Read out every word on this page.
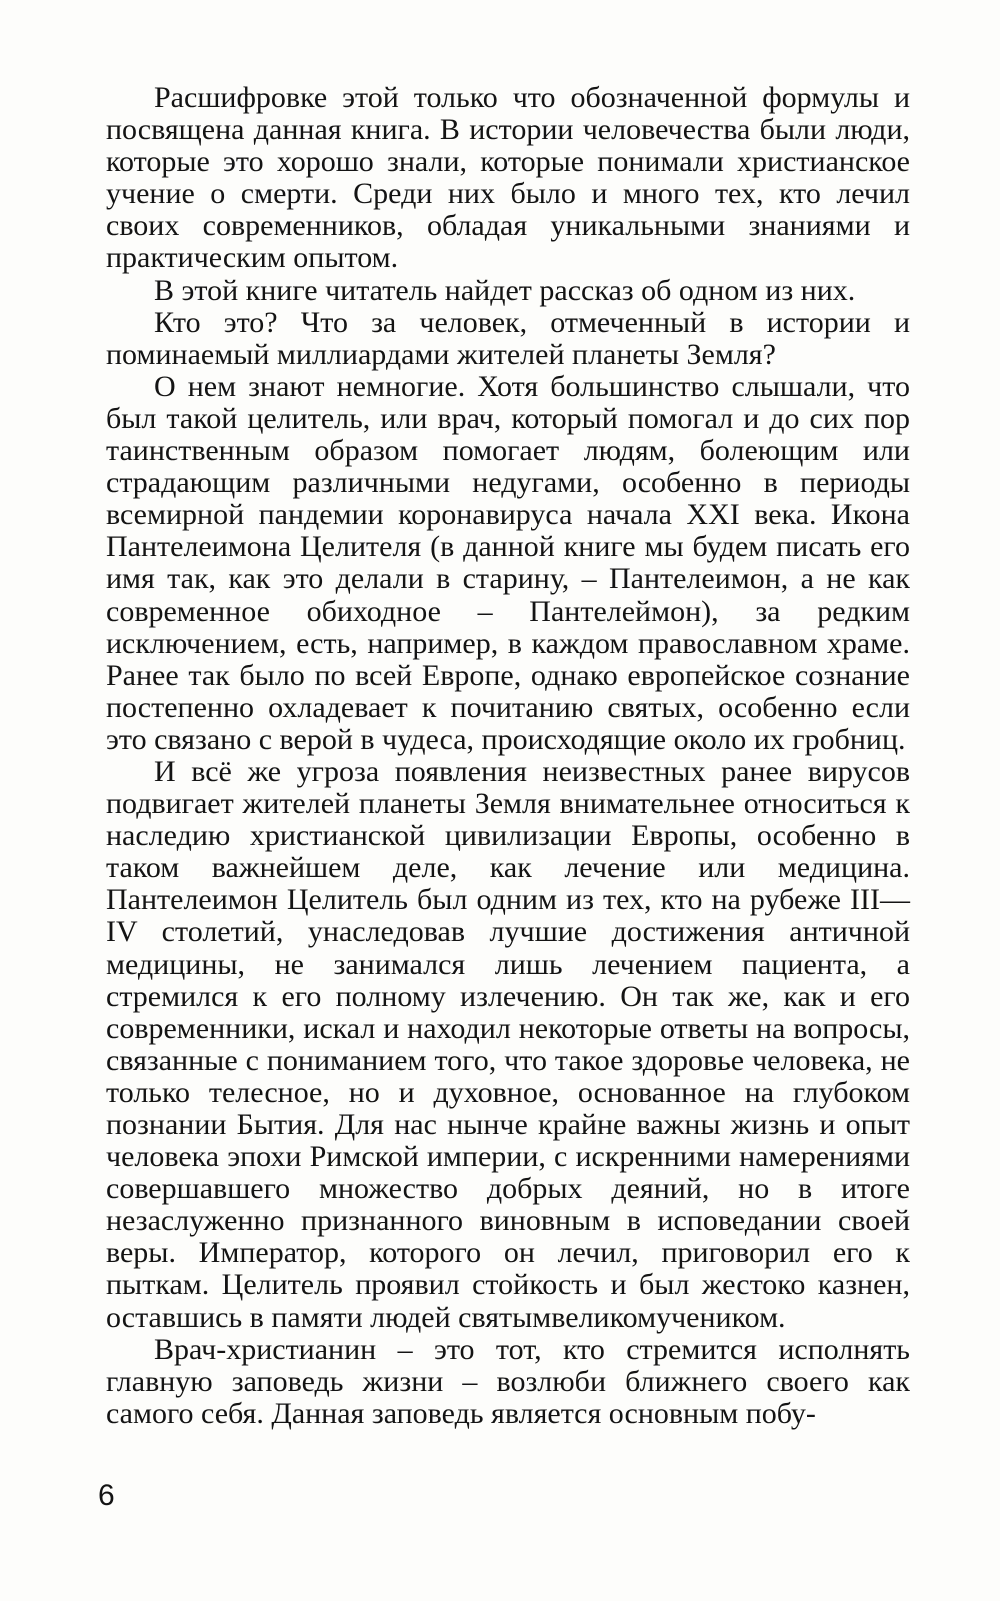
Расшифровке этой только что обозначенной формулы и посвящена данная книга. В истории человечества были люди, которые это хорошо знали, которые понимали христианское учение о смерти. Среди них было и много тех, кто лечил своих современников, обладая уникальными знаниями и практическим опытом.

В этой книге читатель найдет рассказ об одном из них.

Кто это? Что за человек, отмеченный в истории и поминаемый миллиардами жителей планеты Земля?

О нем знают немногие. Хотя большинство слышали, что был такой целитель, или врач, который помогал и до сих пор таинственным образом помогает людям, болеющим или страдающим различными недугами, особенно в периоды всемирной пандемии коронавируса начала XXI века. Икона Пантелеимона Целителя (в данной книге мы будем писать его имя так, как это делали в старину, – Пантелеимон, а не как современное обиходное – Пантелеймон), за редким исключением, есть, например, в каждом православном храме. Ранее так было по всей Европе, однако европейское сознание постепенно охладевает к почитанию святых, особенно если это связано с верой в чудеса, происходящие около их гробниц.

И всё же угроза появления неизвестных ранее вирусов подвигает жителей планеты Земля внимательнее относиться к наследию христианской цивилизации Европы, особенно в таком важнейшем деле, как лечение или медицина. Пантелеимон Целитель был одним из тех, кто на рубеже III—IV столетий, унаследовав лучшие достижения античной медицины, не занимался лишь лечением пациента, а стремился к его полному излечению. Он так же, как и его современники, искал и находил некоторые ответы на вопросы, связанные с пониманием того, что такое здоровье человека, не только телесное, но и духовное, основанное на глубоком познании Бытия. Для нас нынче крайне важны жизнь и опыт человека эпохи Римской империи, с искренними намерениями совершавшего множество добрых деяний, но в итоге незаслуженно признанного виновным в исповедании своей веры. Император, которого он лечил, приговорил его к пыткам. Целитель проявил стойкость и был жестоко казнен, оставшись в памяти людей святымвеликомучеником.

Врач-христианин – это тот, кто стремится исполнять главную заповедь жизни – возлюби ближнего своего как самого себя. Данная заповедь является основным побу-

6
